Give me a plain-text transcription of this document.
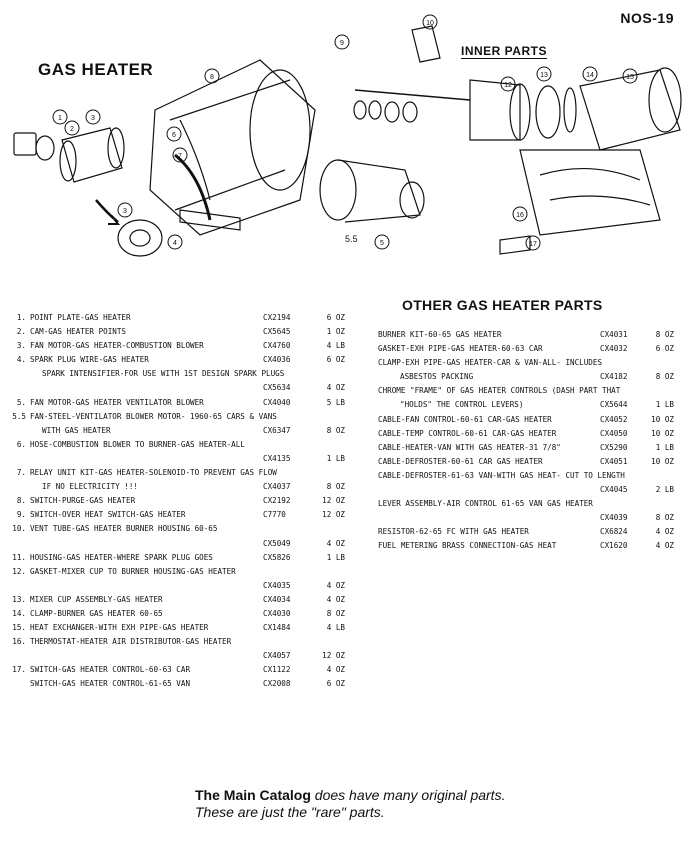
NOS-19
GAS HEATER
INNER PARTS
1
2
3
3
4	5
6
7
8
9
10
12
13	14	15
16
17
5.5
OTHER GAS HEATER PARTS
1. POINT PLATE-GAS HEATER	CX2194	6 OZ
2. CAM-GAS HEATER POINTS	CX5645	1 OZ
3. FAN MOTOR-GAS HEATER-COMBUSTION BLOWER	CX4760	4 LB
4. SPARK PLUG WIRE-GAS HEATER	CX4036	6 OZ
SPARK INTENSIFIER-FOR USE WITH 1ST DESIGN SPARK PLUGS
CX5634	4 OZ
5. FAN MOTOR-GAS HEATER VENTILATOR BLOWER	CX4040	5 LB
5.5 FAN-STEEL-VENTILATOR BLOWER MOTOR- 1960-65 CARS & VANS
WITH GAS HEATER	CX6347	8 OZ
6. HOSE-COMBUSTION BLOWER TO BURNER-GAS HEATER-ALL
CX4135	1 LB
7. RELAY UNIT KIT-GAS HEATER-SOLENOID-TO PREVENT GAS FLOW
IF NO ELECTRICITY !!!	CX4037	8 OZ
8. SWITCH-PURGE-GAS HEATER	CX2192	12 OZ
9. SWITCH-OVER HEAT SWITCH-GAS HEATER	C7770	12 OZ
10. VENT TUBE-GAS HEATER BURNER HOUSING 60-65
CX5049	4 OZ
11. HOUSING-GAS HEATER-WHERE SPARK PLUG GOES	CX5826	1 LB
12. GASKET-MIXER CUP TO BURNER HOUSING-GAS HEATER
CX4035	4 OZ
13. MIXER CUP ASSEMBLY-GAS HEATER	CX4034	4 OZ
14. CLAMP-BURNER GAS HEATER 60-65	CX4030	8 OZ
15. HEAT EXCHANGER-WITH EXH PIPE-GAS HEATER	CX1484	4 LB
16. THERMOSTAT-HEATER AIR DISTRIBUTOR-GAS HEATER
CX4057	12 OZ
17. SWITCH-GAS HEATER CONTROL-60-63 CAR	CX1122	4 OZ
SWITCH-GAS HEATER CONTROL-61-65 VAN	CX2008	6 OZ
BURNER KIT-60-65 GAS HEATER	CX4031	8 OZ
GASKET-EXH PIPE-GAS HEATER-60-63 CAR	CX4032	6 OZ
CLAMP-EXH PIPE-GAS HEATER-CAR & VAN-ALL- INCLUDES
ASBESTOS PACKING	CX4182	8 OZ
CHROME "FRAME" OF GAS HEATER CONTROLS (DASH PART THAT
"HOLDS" THE CONTROL LEVERS)	CX5644	1 LB
CABLE-FAN CONTROL-60-61 CAR-GAS HEATER	CX4052	10 OZ
CABLE-TEMP CONTROL-60-61 CAR-GAS HEATER	CX4050	10 OZ
CABLE-HEATER-VAN WITH GAS HEATER-31 7/8"	CX5290	1 LB
CABLE-DEFROSTER-60-61 CAR GAS HEATER	CX4051	10 OZ
CABLE-DEFROSTER-61-63 VAN-WITH GAS HEAT- CUT TO LENGTH
CX4045	2 LB
LEVER ASSEMBLY-AIR CONTROL 61-65 VAN GAS HEATER
CX4039	8 OZ
RESISTOR-62-65 FC WITH GAS HEATER	CX6824	4 OZ
FUEL METERING BRASS CONNECTION-GAS HEAT	CX1620	4 OZ
The Main Catalog does have many original parts. These are just the "rare" parts.
